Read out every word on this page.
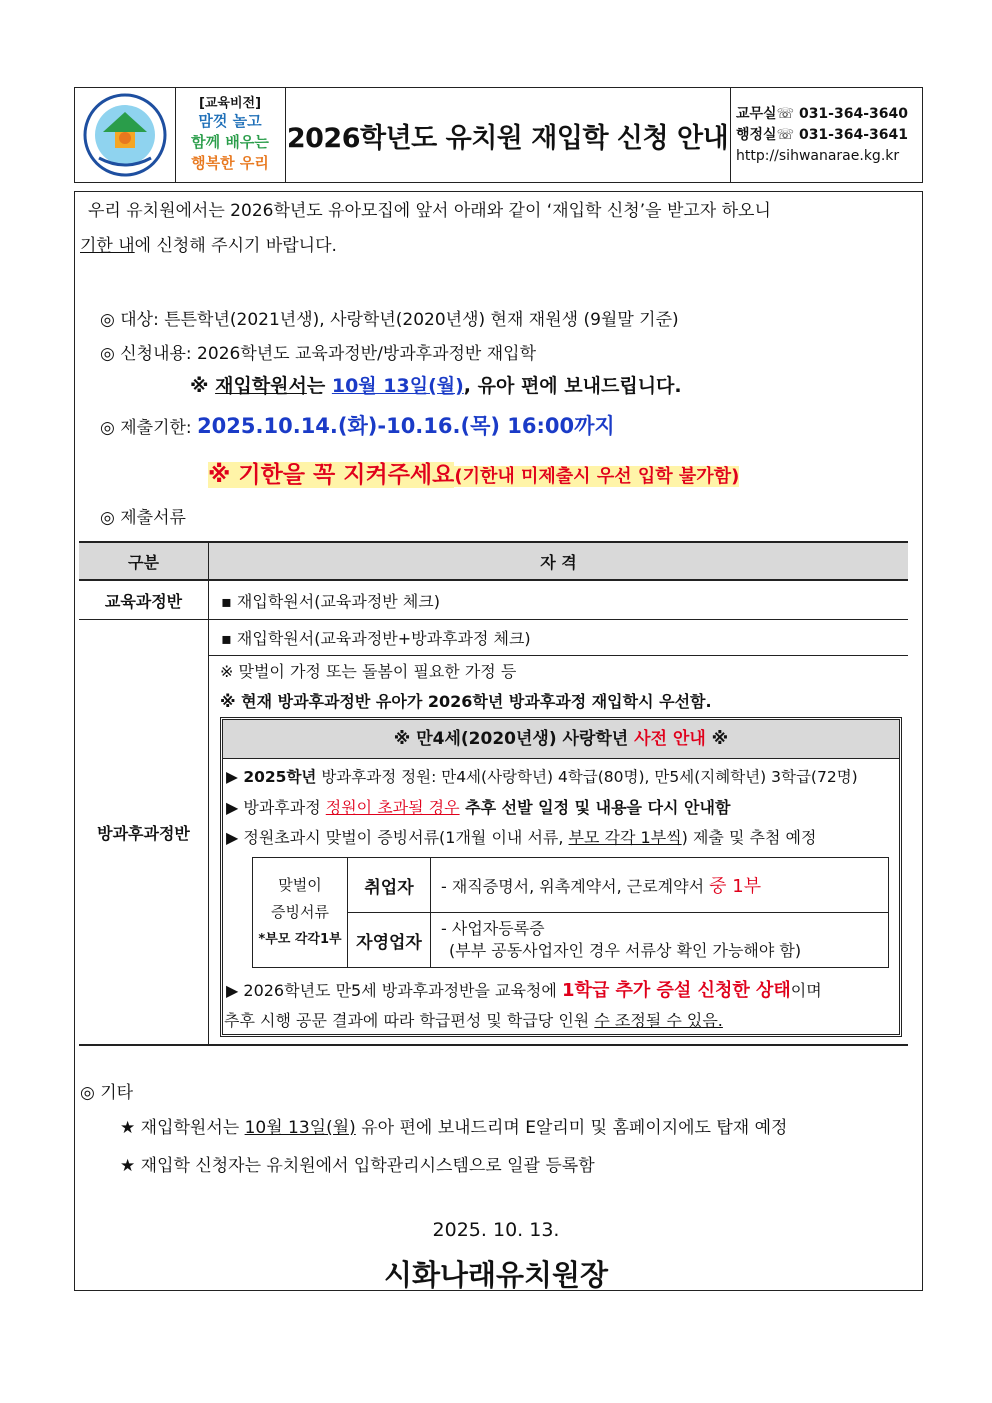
[교육비전]
맘껏 놀고
함께 배우는
행복한 우리
2026학년도 유치원 재입학 신청 안내
교무실☏ 031-364-3640
행정실☏ 031-364-3641
http://sihwanarae.kg.kr
우리 유치원에서는 2026학년도 유아모집에 앞서 아래와 같이 ‘재입학 신청’을 받고자 하오니
기한 내에 신청해 주시기 바랍니다.
◎ 대상: 튼튼학년(2021년생), 사랑학년(2020년생) 현재 재원생 (9월말 기준)
◎ 신청내용: 2026학년도 교육과정반/방과후과정반 재입학
※ 재입학원서는 10월 13일(월), 유아 편에 보내드립니다.
◎ 제출기한: 2025.10.14.(화)-10.16.(목) 16:00까지
※ 기한을 꼭 지켜주세요(기한내 미제출시 우선 입학 불가함)
◎ 제출서류
구분	자 격
교육과정반	▪ 재입학원서(교육과정반 체크)
방과후과정반	▪ 재입학원서(교육과정반+방과후과정 체크)
※ 맞벌이 가정 또는 돌봄이 필요한 가정 등
※ 현재 방과후과정반 유아가 2026학년 방과후과정 재입학시 우선함.
※ 만4세(2020년생) 사랑학년 사전 안내 ※
▶ 2025학년 방과후과정 정원: 만4세(사랑학년) 4학급(80명), 만5세(지혜학년) 3학급(72명)
▶ 방과후과정 정원이 초과될 경우 추후 선발 일정 및 내용을 다시 안내함
▶ 정원초과시 맞벌이 증빙서류(1개월 이내 서류, 부모 각각 1부씩) 제출 및 추첨 예정
맞벌이
증빙서류
*부모 각각1부	취업자	- 재직증명서, 위촉계약서, 근로계약서 중 1부
	자영업자	- 사업자등록증
(부부 공동사업자인 경우 서류상 확인 가능해야 함)
▶ 2026학년도 만5세 방과후과정반을 교육청에 1학급 추가 증설 신청한 상태이며
추후 시행 공문 결과에 따라 학급편성 및 학급당 인원 수 조정될 수 있음.
◎ 기타
★ 재입학원서는 10월 13일(월) 유아 편에 보내드리며 E알리미 및 홈페이지에도 탑재 예정
★ 재입학 신청자는 유치원에서 입학관리시스템으로 일괄 등록함
2025. 10. 13.
시화나래유치원장
